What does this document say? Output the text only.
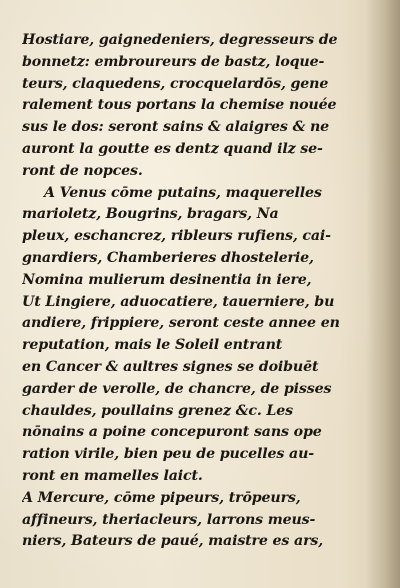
Hostiare, gaignedeniers, degresseurs de
bonnetz: embroureurs de bastz, loque-
teurs, claquedens, crocquelardōs, gene
ralement tous portans la chemise nouée
sus le dos: seront sains & alaigres & ne
auront la goutte es dentz quand ilz se-
ront de nopces.
A Venus cōme putains, maquerelles
marioletz, Bougrins, bragars, Na
pleux, eschancrez, ribleurs rufiens, cai-
gnardiers, Chamberieres dhostelerie,
Nomina mulierum desinentia in iere,
Ut Lingiere, aduocatiere, tauerniere, bu
andiere, frippiere, seront ceste annee en
reputation, mais le Soleil entrant
en Cancer & aultres signes se doibuēt
garder de verolle, de chancre, de pisses
chauldes, poullains grenez &c. Les
nōnains a poine concepuront sans ope
ration virile, bien peu de pucelles au-
ront en mamelles laict.
A Mercure, cōme pipeurs, trōpeurs,
affineurs, theriacleurs, larrons meus-
niers, Bateurs de paué, maistre es ars,
